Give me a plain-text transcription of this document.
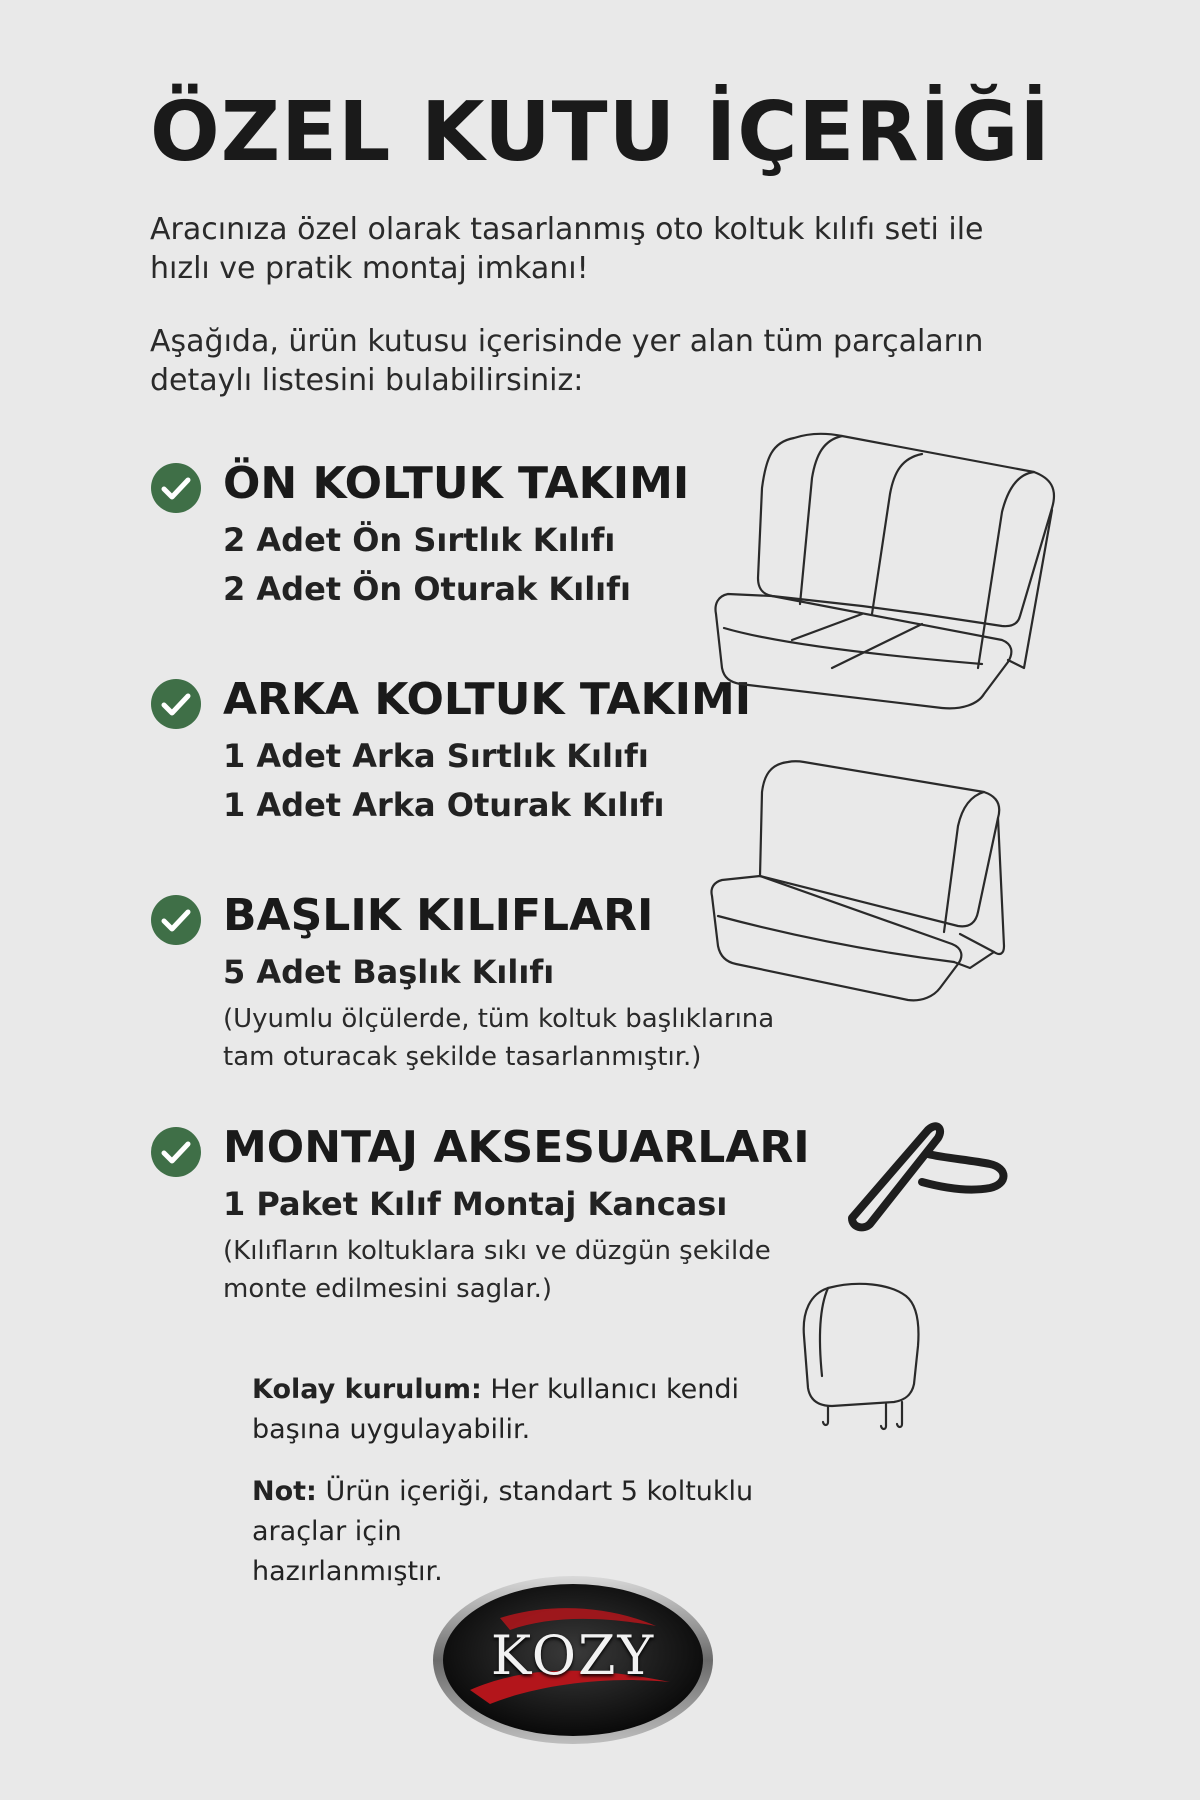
ÖZEL KUTU İÇERİĞİ
Aracınıza özel olarak tasarlanmış oto koltuk kılıfı seti ile
hızlı ve pratik montaj imkanı!
Aşağıda, ürün kutusu içerisinde yer alan tüm parçaların
detaylı listesini bulabilirsiniz:
ÖN KOLTUK TAKIMI
2 Adet Ön Sırtlık Kılıfı
2 Adet Ön Oturak Kılıfı
ARKA KOLTUK TAKIMI
1 Adet Arka Sırtlık Kılıfı
1 Adet Arka Oturak Kılıfı
BAŞLIK KILIFLARI
5 Adet Başlık Kılıfı
(Uyumlu ölçülerde, tüm koltuk başlıklarına
tam oturacak şekilde tasarlanmıştır.)
MONTAJ AKSESUARLARI
1 Paket Kılıf Montaj Kancası
(Kılıfların koltuklara sıkı ve düzgün şekilde
monte edilmesini saglar.)

Kolay kurulum: Her kullanıcı kendi
başına uygulayabilir.

Not: Ürün içeriği, standart 5 koltuklu araçlar için
hazırlanmıştır.

KOZY
